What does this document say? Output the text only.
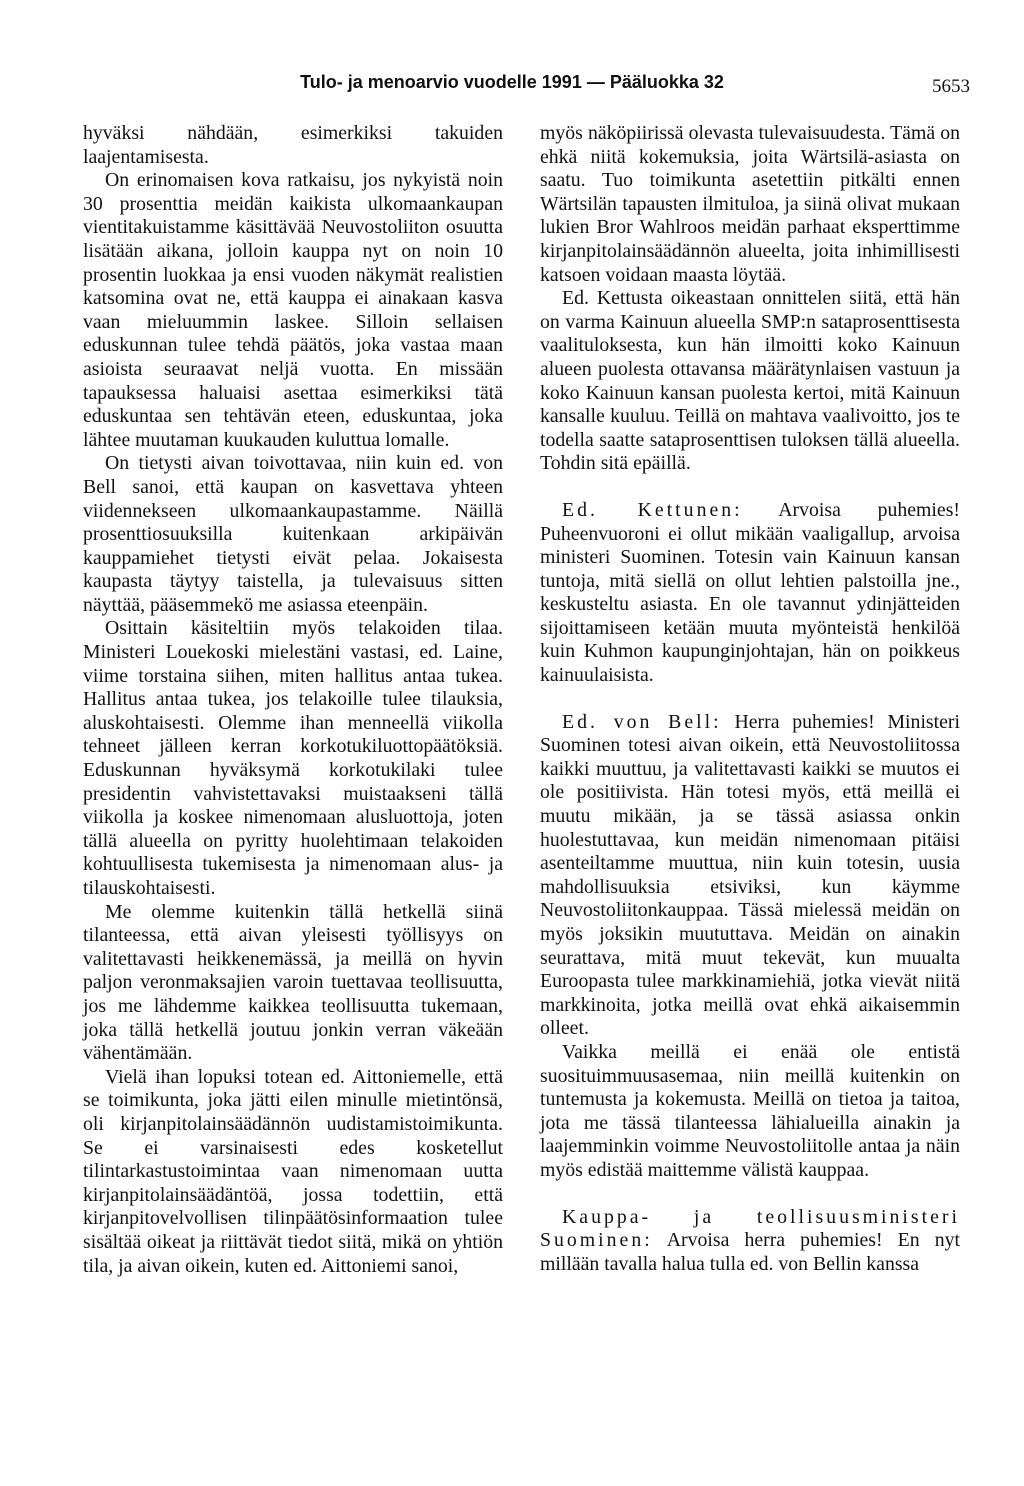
Tulo- ja menoarvio vuodelle 1991 — Pääluokka 32	5653

hyväksi nähdään, esimerkiksi takuiden laajentamisesta.

On erinomaisen kova ratkaisu, jos nykyistä noin 30 prosenttia meidän kaikista ulkomaankaupan vientitakuistamme käsittävää Neuvostoliiton osuutta lisätään aikana, jolloin kauppa nyt on noin 10 prosentin luokkaa ja ensi vuoden näkymät realistien katsomina ovat ne, että kauppa ei ainakaan kasva vaan mieluummin laskee. Silloin sellaisen eduskunnan tulee tehdä päätös, joka vastaa maan asioista seuraavat neljä vuotta. En missään tapauksessa haluaisi asettaa esimerkiksi tätä eduskuntaa sen tehtävän eteen, eduskuntaa, joka lähtee muutaman kuukauden kuluttua lomalle.

On tietysti aivan toivottavaa, niin kuin ed. von Bell sanoi, että kaupan on kasvettava yhteen viidennekseen ulkomaankaupastamme. Näillä prosenttiosuuksilla kuitenkaan arkipäivän kauppamiehet tietysti eivät pelaa. Jokaisesta kaupasta täytyy taistella, ja tulevaisuus sitten näyttää, pääsemmekö me asiassa eteenpäin.

Osittain käsiteltiin myös telakoiden tilaa. Ministeri Louekoski mielestäni vastasi, ed. Laine, viime torstaina siihen, miten hallitus antaa tukea. Hallitus antaa tukea, jos telakoille tulee tilauksia, aluskohtaisesti. Olemme ihan menneellä viikolla tehneet jälleen kerran korkotukiluottopäätöksiä. Eduskunnan hyväksymä korkotukilaki tulee presidentin vahvistettavaksi muistaakseni tällä viikolla ja koskee nimenomaan alusluottoja, joten tällä alueella on pyritty huolehtimaan telakoiden kohtuullisesta tukemisesta ja nimenomaan alus- ja tilauskohtaisesti.

Me olemme kuitenkin tällä hetkellä siinä tilanteessa, että aivan yleisesti työllisyys on valitettavasti heikkenemässä, ja meillä on hyvin paljon veronmaksajien varoin tuettavaa teollisuutta, jos me lähdemme kaikkea teollisuutta tukemaan, joka tällä hetkellä joutuu jonkin verran väkeään vähentämään.

Vielä ihan lopuksi totean ed. Aittoniemelle, että se toimikunta, joka jätti eilen minulle mietintönsä, oli kirjanpitolainsäädännön uudistamistoimikunta. Se ei varsinaisesti edes kosketellut tilintarkastustoimintaa vaan nimenomaan uutta kirjanpitolainsäädäntöä, jossa todettiin, että kirjanpitovelvollisen tilinpäätösinformaation tulee sisältää oikeat ja riittävät tiedot siitä, mikä on yhtiön tila, ja aivan oikein, kuten ed. Aittoniemi sanoi,

myös näköpiirissä olevasta tulevaisuudesta. Tämä on ehkä niitä kokemuksia, joita Wärtsilä-asiasta on saatu. Tuo toimikunta asetettiin pitkälti ennen Wärtsilän tapausten ilmituloa, ja siinä olivat mukaan lukien Bror Wahlroos meidän parhaat eksperttimme kirjanpitolainsäädännön alueelta, joita inhimillisesti katsoen voidaan maasta löytää.

Ed. Kettusta oikeastaan onnittelen siitä, että hän on varma Kainuun alueella SMP:n sataprosenttisesta vaalituloksesta, kun hän ilmoitti koko Kainuun alueen puolesta ottavansa määrätynlaisen vastuun ja koko Kainuun kansan puolesta kertoi, mitä Kainuun kansalle kuuluu. Teillä on mahtava vaalivoitto, jos te todella saatte sataprosenttisen tuloksen tällä alueella. Tohdin sitä epäillä.

Ed. Kettunen: Arvoisa puhemies! Puheenvuoroni ei ollut mikään vaaligallup, arvoisa ministeri Suominen. Totesin vain Kainuun kansan tuntoja, mitä siellä on ollut lehtien palstoilla jne., keskusteltu asiasta. En ole tavannut ydinjätteiden sijoittamiseen ketään muuta myönteistä henkilöä kuin Kuhmon kaupunginjohtajan, hän on poikkeus kainuulaisista.

Ed. von Bell: Herra puhemies! Ministeri Suominen totesi aivan oikein, että Neuvostoliitossa kaikki muuttuu, ja valitettavasti kaikki se muutos ei ole positiivista. Hän totesi myös, että meillä ei muutu mikään, ja se tässä asiassa onkin huolestuttavaa, kun meidän nimenomaan pitäisi asenteiltamme muuttua, niin kuin totesin, uusia mahdollisuuksia etsiviksi, kun käymme Neuvostoliitonkauppaa. Tässä mielessä meidän on myös joksikin muututtava. Meidän on ainakin seurattava, mitä muut tekevät, kun muualta Euroopasta tulee markkinamiehiä, jotka vievät niitä markkinoita, jotka meillä ovat ehkä aikaisemmin olleet.

Vaikka meillä ei enää ole entistä suosituimmuusasemaa, niin meillä kuitenkin on tuntemusta ja kokemusta. Meillä on tietoa ja taitoa, jota me tässä tilanteessa lähialueilla ainakin ja laajemminkin voimme Neuvostoliitolle antaa ja näin myös edistää maittemme välistä kauppaa.

Kauppa- ja teollisuusministeri Suominen: Arvoisa herra puhemies! En nyt millään tavalla halua tulla ed. von Bellin kanssa
